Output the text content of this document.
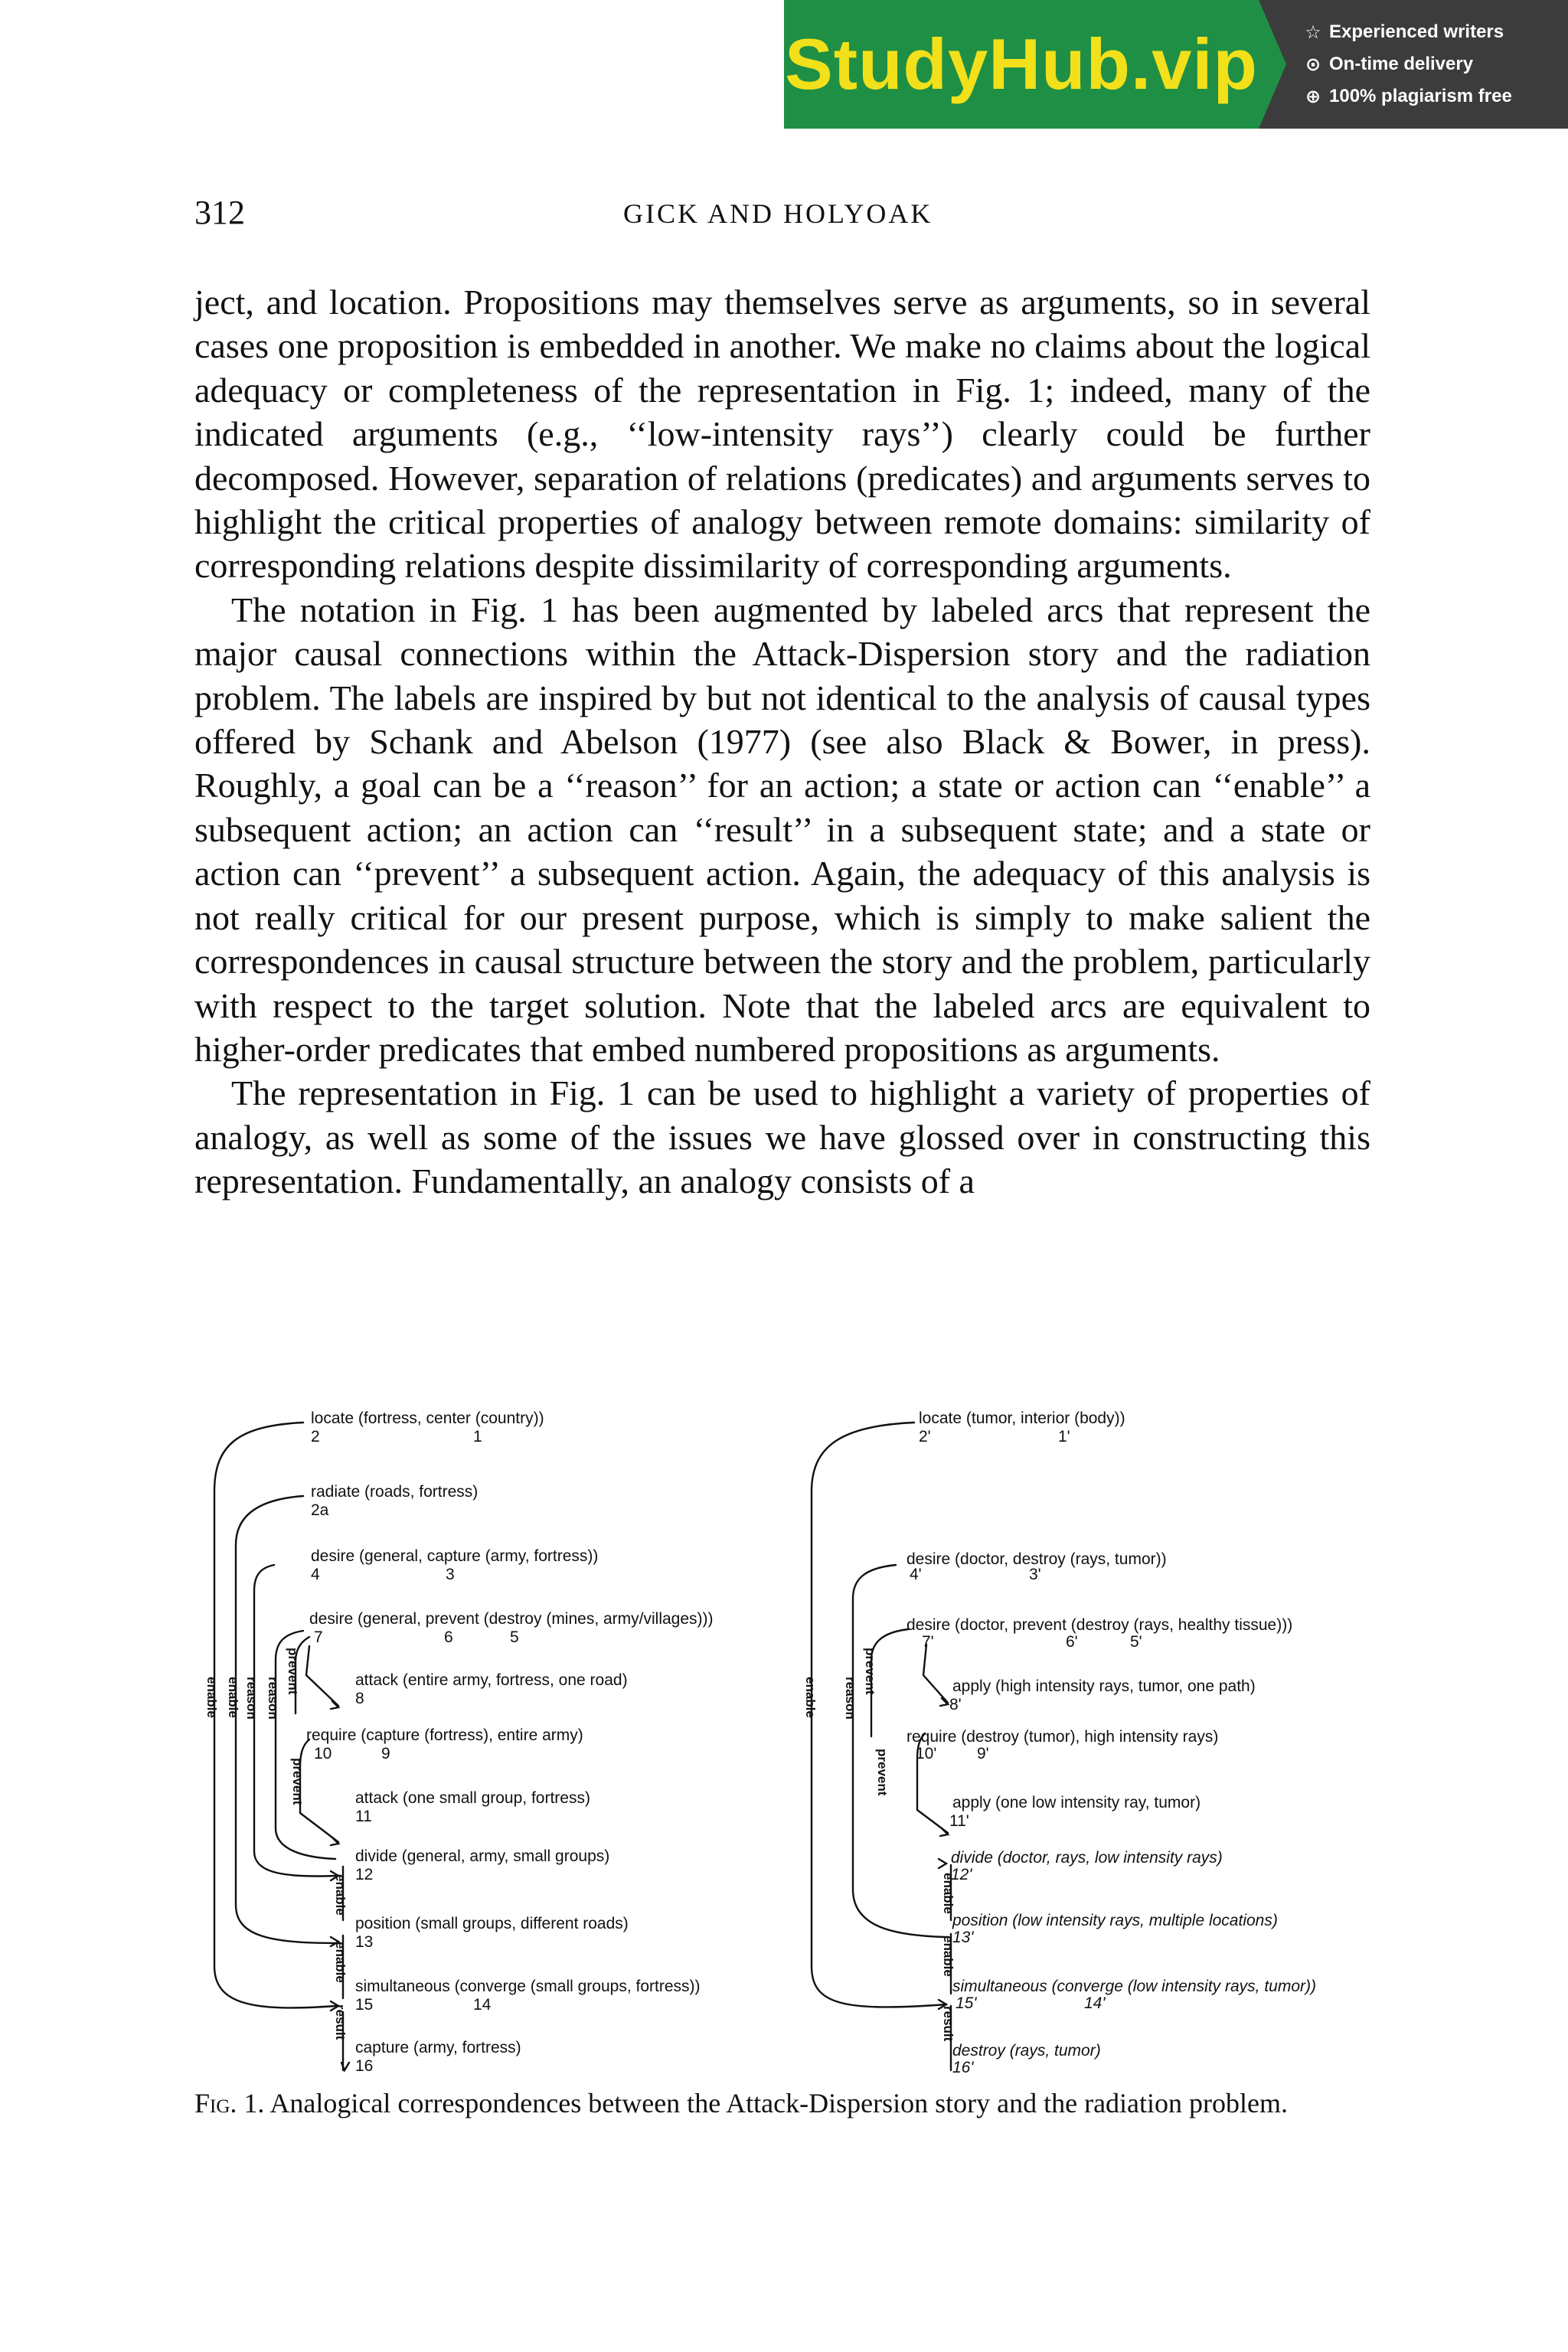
StudyHub.vip	☆ Experienced writers
⊙ On-time delivery
⊕ 100% plagiarism free
312	GICK AND HOLYOAK

ject, and location. Propositions may themselves serve as arguments, so in several cases one proposition is embedded in another. We make no claims about the logical adequacy or completeness of the representation in Fig. 1; indeed, many of the indicated arguments (e.g., ‘‘low-intensity rays’’) clearly could be further decomposed. However, separation of relations (predicates) and arguments serves to highlight the critical properties of analogy between remote domains: similarity of corresponding relations despite dissimilarity of corresponding arguments.

The notation in Fig. 1 has been augmented by labeled arcs that represent the major causal connections within the Attack-Dispersion story and the radiation problem. The labels are inspired by but not identical to the analysis of causal types offered by Schank and Abelson (1977) (see also Black & Bower, in press). Roughly, a goal can be a ‘‘reason’’ for an action; a state or action can ‘‘enable’’ a subsequent action; an action can ‘‘result’’ in a subsequent state; and a state or action can ‘‘prevent’’ a subsequent action. Again, the adequacy of this analysis is not really critical for our present purpose, which is simply to make salient the correspondences in causal structure between the story and the problem, particularly with respect to the target solution. Note that the labeled arcs are equivalent to higher-order predicates that embed numbered propositions as arguments.

The representation in Fig. 1 can be used to highlight a variety of properties of analogy, as well as some of the issues we have glossed over in constructing this representation. Fundamentally, an analogy consists of a

locate (fortress, center (country))
2	1
radiate (roads, fortress)
2a
desire (general, capture (army, fortress))
4	3
desire (general, prevent (destroy (mines, army/villages)))
7	6	5
attack (entire army, fortress, one road)
8
require (capture (fortress), entire army)
10	9
attack (one small group, fortress)
11
divide (general, army, small groups)
12
position (small groups, different roads)
13
simultaneous (converge (small groups, fortress))
15	14
capture (army, fortress)
16
enable enable reason reason
prevent
prevent
enable
enable
result
locate (tumor, interior (body))
2'	1'
desire (doctor, destroy (rays, tumor))
4'	3'
desire (doctor, prevent (destroy (rays, healthy tissue)))
7'	6'	5'
apply (high intensity rays, tumor, one path)
8'
require (destroy (tumor), high intensity rays)
10'	9'
apply (one low intensity ray, tumor)
11'
divide (doctor, rays, low intensity rays)
12'
position (low intensity rays, multiple locations)
13'
simultaneous (converge (low intensity rays, tumor))
15'	14'
destroy (rays, tumor)
16'
enable reason
prevent
prevent
enable
enable
result

Fig. 1. Analogical correspondences between the Attack-Dispersion story and the radiation problem.
